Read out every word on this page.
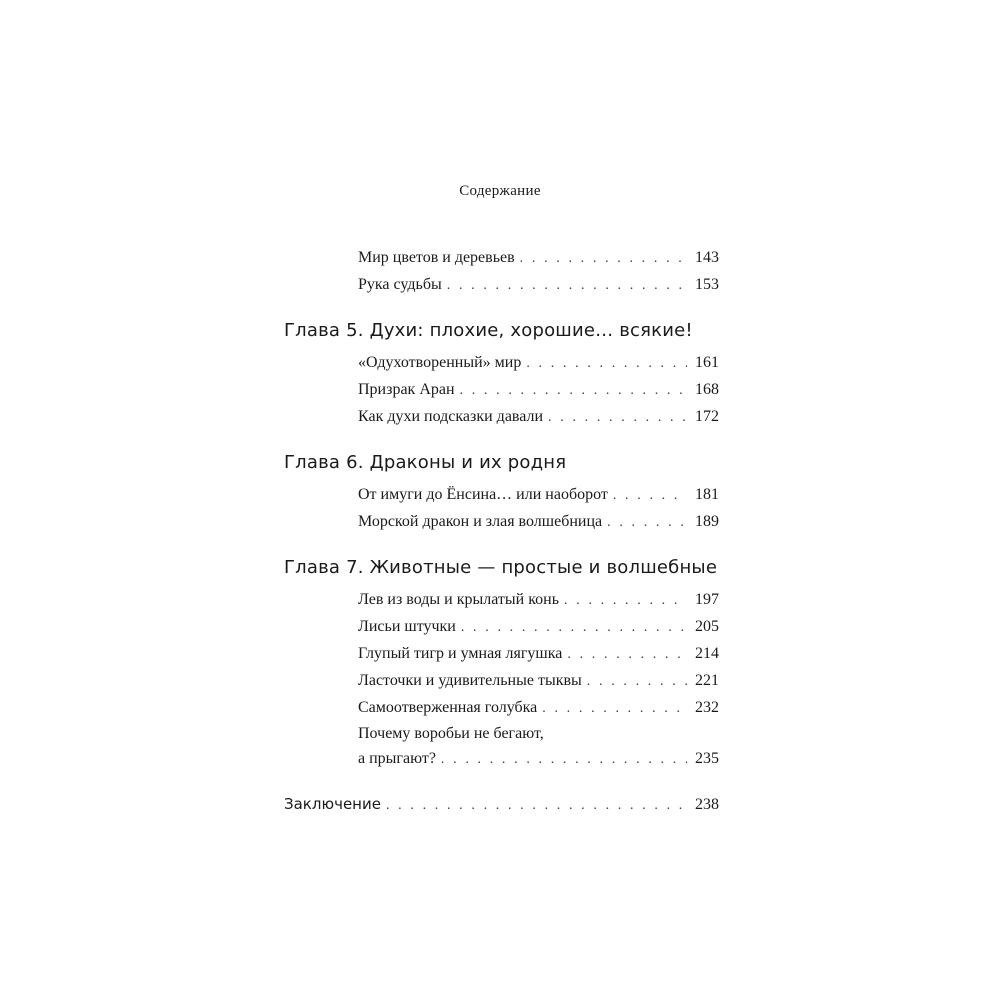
Содержание
Мир цветов и деревьев . . .	143
Рука судьбы . . .	153
Глава 5. Духи: плохие, хорошие… всякие!
«Одухотворенный» мир . . .	161
Призрак Аран . . .	168
Как духи подсказки давали . . .	172
Глава 6. Драконы и их родня
От имуги до Ёнсина… или наоборот . . .	181
Морской дракон и злая волшебница . . .	189
Глава 7. Животные — простые и волшебные
Лев из воды и крылатый конь . . .	197
Лисьи штучки . . .	205
Глупый тигр и умная лягушка . . .	214
Ласточки и удивительные тыквы . . .	221
Самоотверженная голубка . . .	232
Почему воробьи не бегают,
а прыгают? . . .	235
Заключение . . .	238
